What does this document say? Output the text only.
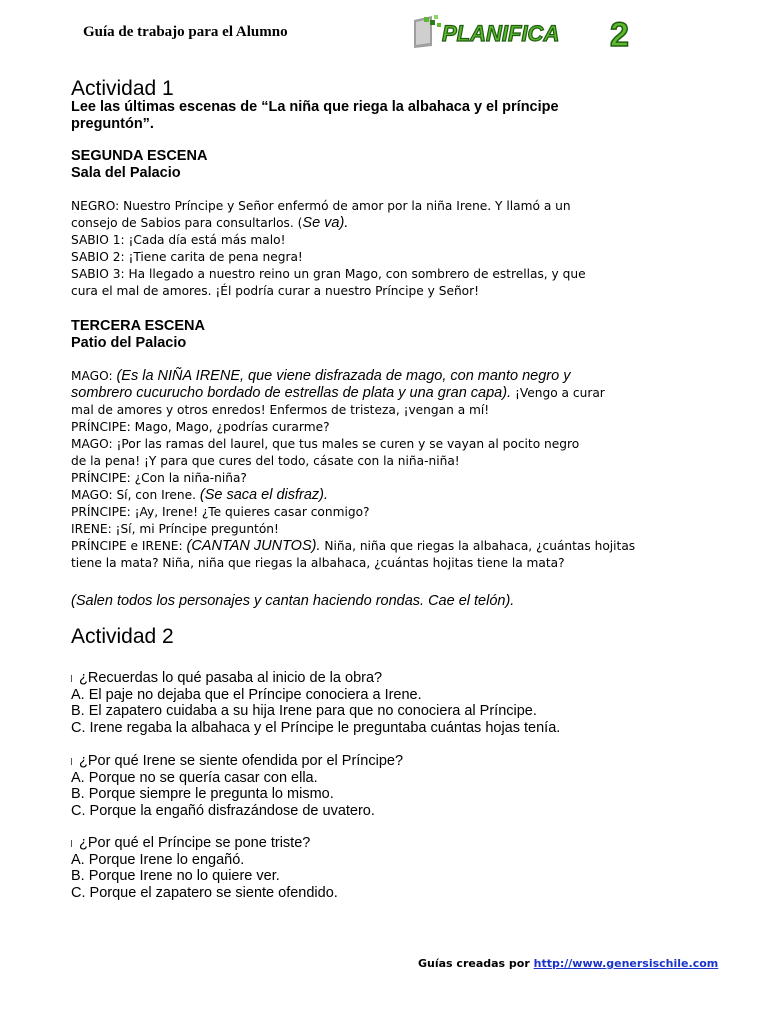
Guía de trabajo para el Alumno	PLANIFICA 2
Actividad 1
Lee las últimas escenas de “La niña que riega la albahaca y el príncipe
preguntón”.
SEGUNDA ESCENA
Sala del Palacio
NEGRO: Nuestro Príncipe y Señor enfermó de amor por la niña Irene. Y llamó a un
consejo de Sabios para consultarlos. (Se va).
SABIO 1: ¡Cada día está más malo!
SABIO 2: ¡Tiene carita de pena negra!
SABIO 3: Ha llegado a nuestro reino un gran Mago, con sombrero de estrellas, y que
cura el mal de amores. ¡Él podría curar a nuestro Príncipe y Señor!
TERCERA ESCENA
Patio del Palacio
MAGO: (Es la NIÑA IRENE, que viene disfrazada de mago, con manto negro y
sombrero cucurucho bordado de estrellas de plata y una gran capa). ¡Vengo a curar
mal de amores y otros enredos! Enfermos de tristeza, ¡vengan a mí!
PRÍNCIPE: Mago, Mago, ¿podrías curarme?
MAGO: ¡Por las ramas del laurel, que tus males se curen y se vayan al pocito negro
de la pena! ¡Y para que cures del todo, cásate con la niña-niña!
PRÍNCIPE: ¿Con la niña-niña?
MAGO: Sí, con Irene. (Se saca el disfraz).
PRÍNCIPE: ¡Ay, Irene! ¿Te quieres casar conmigo?
IRENE: ¡Sí, mi Príncipe preguntón!
PRÍNCIPE e IRENE: (CANTAN JUNTOS). Niña, niña que riegas la albahaca, ¿cuántas hojitas
tiene la mata? Niña, niña que riegas la albahaca, ¿cuántas hojitas tiene la mata?
(Salen todos los personajes y cantan haciendo rondas. Cae el telón).
Actividad 2
¿Recuerdas lo qué pasaba al inicio de la obra?
A. El paje no dejaba que el Príncipe conociera a Irene.
B. El zapatero cuidaba a su hija Irene para que no conociera al Príncipe.
C. Irene regaba la albahaca y el Príncipe le preguntaba cuántas hojas tenía.
¿Por qué Irene se siente ofendida por el Príncipe?
A. Porque no se quería casar con ella.
B. Porque siempre le pregunta lo mismo.
C. Porque la engañó disfrazándose de uvatero.
¿Por qué el Príncipe se pone triste?
A. Porque Irene lo engañó.
B. Porque Irene no lo quiere ver.
C. Porque el zapatero se siente ofendido.
Guías creadas por http://www.genersischile.com
